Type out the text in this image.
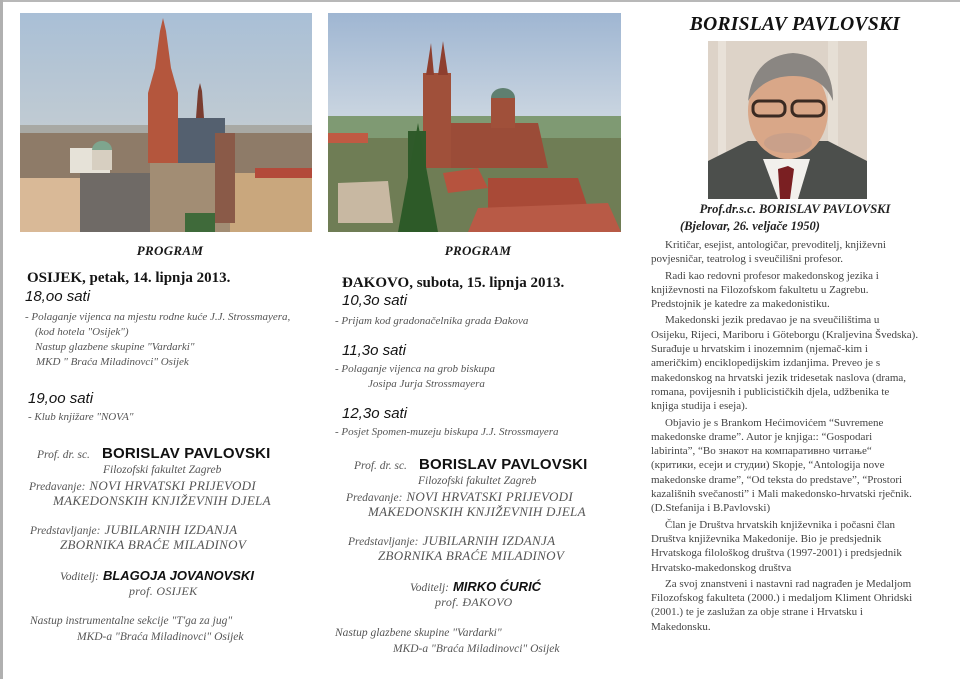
PROGRAM
OSIJEK, petak, 14. lipnja 2013.
18,oo sati
- Polaganje vijenca na mjestu rodne kuće J.J. Strossmayera,
(kod hotela "Osijek")
Nastup glazbene skupine "Vardarki"
MKD " Braća Miladinovci" Osijek
19,oo sati
- Klub knjižare "NOVA"
Prof. dr. sc. BORISLAV PAVLOVSKI
Filozofski fakultet Zagreb
Predavanje: NOVI HRVATSKI PRIJEVODI
MAKEDONSKIH KNJIŽEVNIH DJELA
Predstavljanje: JUBILARNIH IZDANJA
ZBORNIKA BRAĆE MILADINOV
Voditelj: BLAGOJA JOVANOVSKI
prof. OSIJEK
Nastup instrumentalne sekcije "T'ga za jug"
MKD-a "Braća Miladinovci" Osijek
PROGRAM
ĐAKOVO, subota, 15. lipnja 2013.
10,3o sati
- Prijam kod gradonačelnika grada Đakova
11,3o sati
- Polaganje vijenca na grob biskupa
Josipa Jurja Strossmayera
12,3o sati
- Posjet Spomen-muzeju biskupa J.J. Strossmayera
Prof. dr. sc. BORISLAV PAVLOVSKI
Filozofski fakultet Zagreb
Predavanje: NOVI HRVATSKI PRIJEVODI
MAKEDONSKIH KNJIŽEVNIH DJELA
Predstavljanje: JUBILARNIH IZDANJA
ZBORNIKA BRAĆE MILADINOV
Voditelj: MIRKO ĆURIĆ
prof. ĐAKOVO
Nastup glazbene skupine "Vardarki"
MKD-a "Braća Miladinovci" Osijek
BORISLAV PAVLOVSKI
Prof.dr.s.c. BORISLAV PAVLOVSKI
(Bjelovar, 26. veljače 1950)

Kritičar, esejist, antologičar, prevoditelj, književni povjesničar, teatrolog i sveučilišni profesor.

Radi kao redovni profesor makedonskog jezika i književnosti na Filozofskom fakultetu u Zagrebu. Predstojnik je katedre za makedonistiku.

Makedonski jezik predavao je na sveučilištima u Osijeku, Rijeci, Mariboru i Göteborgu (Kraljevina Švedska). Surađuje u hrvatskim i inozemnim (njemač-kim i američkim) enciklopedijskim izdanjima. Preveo je s makedonskog na hrvatski jezik tridesetak naslova (drama, romana, povijesnih i publicističkih djela, udžbenika te knjiga studija i eseja).

Objavio je s Brankom Hećimovićem “Suvremene makedonske drame”. Autor je knjiga:: “Gospodari labirinta”, “Во знакот на компаративно читање“ (критики, есеји и студии) Skopje, “Antologija nove makedonske drame”, “Od teksta do predstave”, “Prostori kazališnih svečanosti” i Mali makedonsko-hrvatski rječnik. (D.Stefanija i B.Pavlovski)

Član je Društva hrvatskih književnika i počasni član Društva književnika Makedonije. Bio je predsjednik Hrvatskoga filološkog društva (1997-2001) i predsjednik Hrvatsko-makedonskog društva

Za svoj znanstveni i nastavni rad nagrađen je Medaljom Filozofskog fakulteta (2000.) i medaljom Kliment Ohridski (2001.) te je zaslužan za obje strane i Hrvatsku i Makedonsku.
